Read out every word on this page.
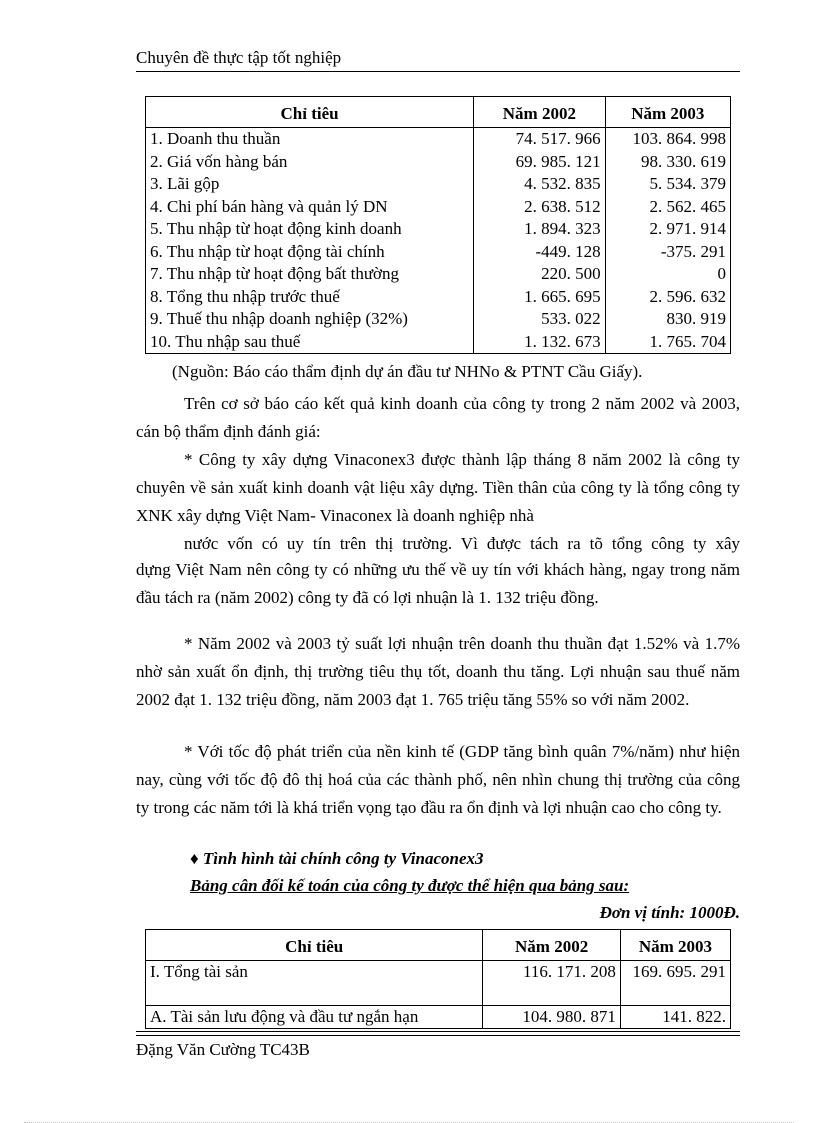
Chuyên đề thực tập tốt nghiệp
Chỉ tiêu	Năm 2002	Năm 2003
1. Doanh thu thuần	74. 517. 966	103. 864. 998
2. Giá vốn hàng bán	69. 985. 121	98. 330. 619
3. Lãi gộp	4. 532. 835	5. 534. 379
4. Chi phí bán hàng và quản lý DN	2. 638. 512	2. 562. 465
5. Thu nhập từ hoạt động kinh doanh	1. 894. 323	2. 971. 914
6. Thu nhập từ hoạt động tài chính	-449. 128	-375. 291
7. Thu nhập từ hoạt động bất thường	220. 500	0
8. Tổng thu nhập trước thuế	1. 665. 695	2. 596. 632
9. Thuế thu nhập doanh nghiệp (32%)	533. 022	830. 919
10. Thu nhập sau thuế	1. 132. 673	1. 765. 704
(Nguồn: Báo cáo thẩm định dự án đầu tư NHNo & PTNT Cầu Giấy).

Trên cơ sở báo cáo kết quả kinh doanh của công ty trong 2 năm 2002 và 2003, cán bộ thẩm định đánh giá:

* Công ty xây dựng Vinaconex3 được thành lập tháng 8 năm 2002 là công ty chuyên về sản xuất kinh doanh vật liệu xây dựng. Tiền thân của công ty là tổng công ty XNK xây dựng Việt Nam- Vinaconex là doanh nghiệp nhà

nước vốn có uy tín trên thị trường. Vì được tách ra tõ tổng công ty xây

dựng Việt Nam nên công ty có những ưu thế về uy tín với khách hàng, ngay trong năm đầu tách ra (năm 2002) công ty đã có lợi nhuận là 1. 132 triệu đồng.

* Năm 2002 và 2003 tỷ suất lợi nhuận trên doanh thu thuần đạt 1.52% và 1.7% nhờ sản xuất ổn định, thị trường tiêu thụ tốt, doanh thu tăng. Lợi nhuận sau thuế năm 2002 đạt 1. 132 triệu đồng, năm 2003 đạt 1. 765 triệu tăng 55% so với năm 2002.

* Với tốc độ phát triển của nền kinh tế (GDP tăng bình quân 7%/năm) như hiện nay, cùng với tốc độ đô thị hoá của các thành phố, nên nhìn chung thị trường của công ty trong các năm tới là khá triển vọng tạo đầu ra ổn định và lợi nhuận cao cho công ty.

♦ Tình hình tài chính công ty Vinaconex3
Bảng cân đối kế toán của công ty được thể hiện qua bảng sau:
Đơn vị tính: 1000Đ.
Chỉ tiêu	Năm 2002	Năm 2003
I. Tổng tài sản	116. 171. 208	169. 695. 291
A. Tài sản lưu động và đầu tư ngắn hạn	104. 980. 871	141. 822.
Đặng Văn Cường TC43B
